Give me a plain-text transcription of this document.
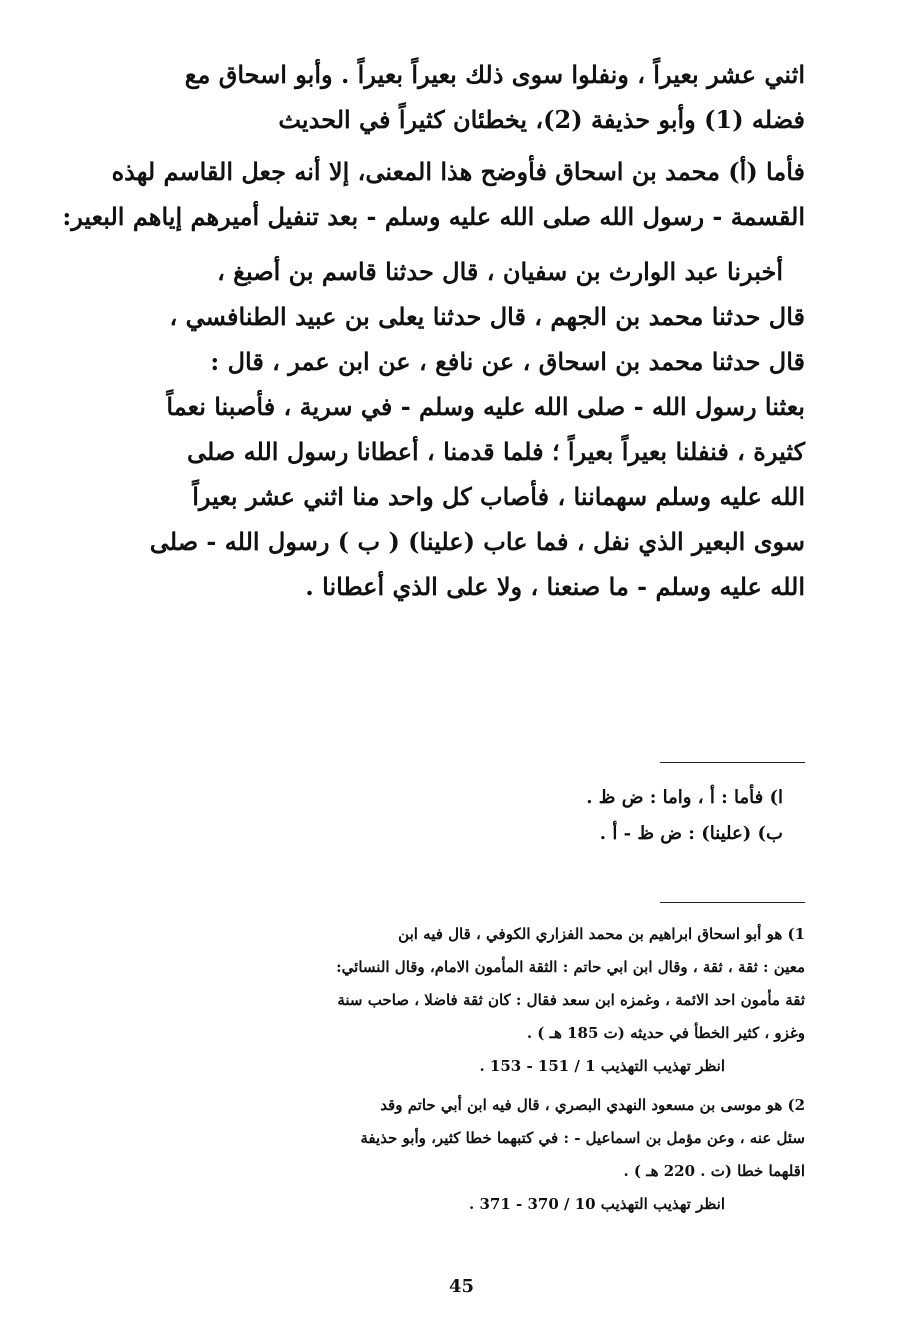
اثني عشر بعيراً ، ونفلوا سوى ذلك بعيراً بعيراً . وأبو اسحاق مع
فضله (1) وأبو حذيفة (2)، يخطئان كثيراً في الحديث
فأما (أ) محمد بن اسحاق فأوضح هذا المعنى، إلا أنه جعل القاسم لهذه
القسمة - رسول الله صلى الله عليه وسلم - بعد تنفيل أميرهم إياهم البعير:
أخبرنا عبد الوارث بن سفيان ، قال حدثنا قاسم بن أصبغ ،
قال حدثنا محمد بن الجهم ، قال حدثنا يعلى بن عبيد الطنافسي ،
قال حدثنا محمد بن اسحاق ، عن نافع ، عن ابن عمر ، قال :
بعثنا رسول الله - صلى الله عليه وسلم - في سرية ، فأصبنا نعماً
كثيرة ، فنفلنا بعيراً بعيراً ؛ فلما قدمنا ، أعطانا رسول الله صلى
الله عليه وسلم سهماننا ، فأصاب كل واحد منا اثني عشر بعيراً
سوى البعير الذي نفل ، فما عاب (علينا) ( ب ) رسول الله - صلى
الله عليه وسلم - ما صنعنا ، ولا على الذي أعطانا .
ا) فأما : أ ، واما : ض ظ .
ب) (علينا) : ض ظ - أ .
1) هو أبو اسحاق ابراهيم بن محمد الفزاري الكوفي ، قال فيه ابن
معين : ثقة ، ثقة ، وقال ابن ابي حاتم : الثقة المأمون الامام، وقال النسائي:
ثقة مأمون احد الائمة ، وغمزه ابن سعد فقال : كان ثقة فاضلا ، صاحب سنة
وغزو ، كثير الخطأ في حديثه (ت 185 هـ ) .
انظر تهذيب التهذيب 1 / 151 - 153 .
2) هو موسى بن مسعود النهدي البصري ، قال فيه ابن أبي حاتم وقد
سئل عنه ، وعن مؤمل بن اسماعيل - : في كتبهما خطا كثير، وأبو حذيفة
اقلهما خطا (ت . 220 هـ ) .
انظر تهذيب التهذيب 10 / 370 - 371 .
45
